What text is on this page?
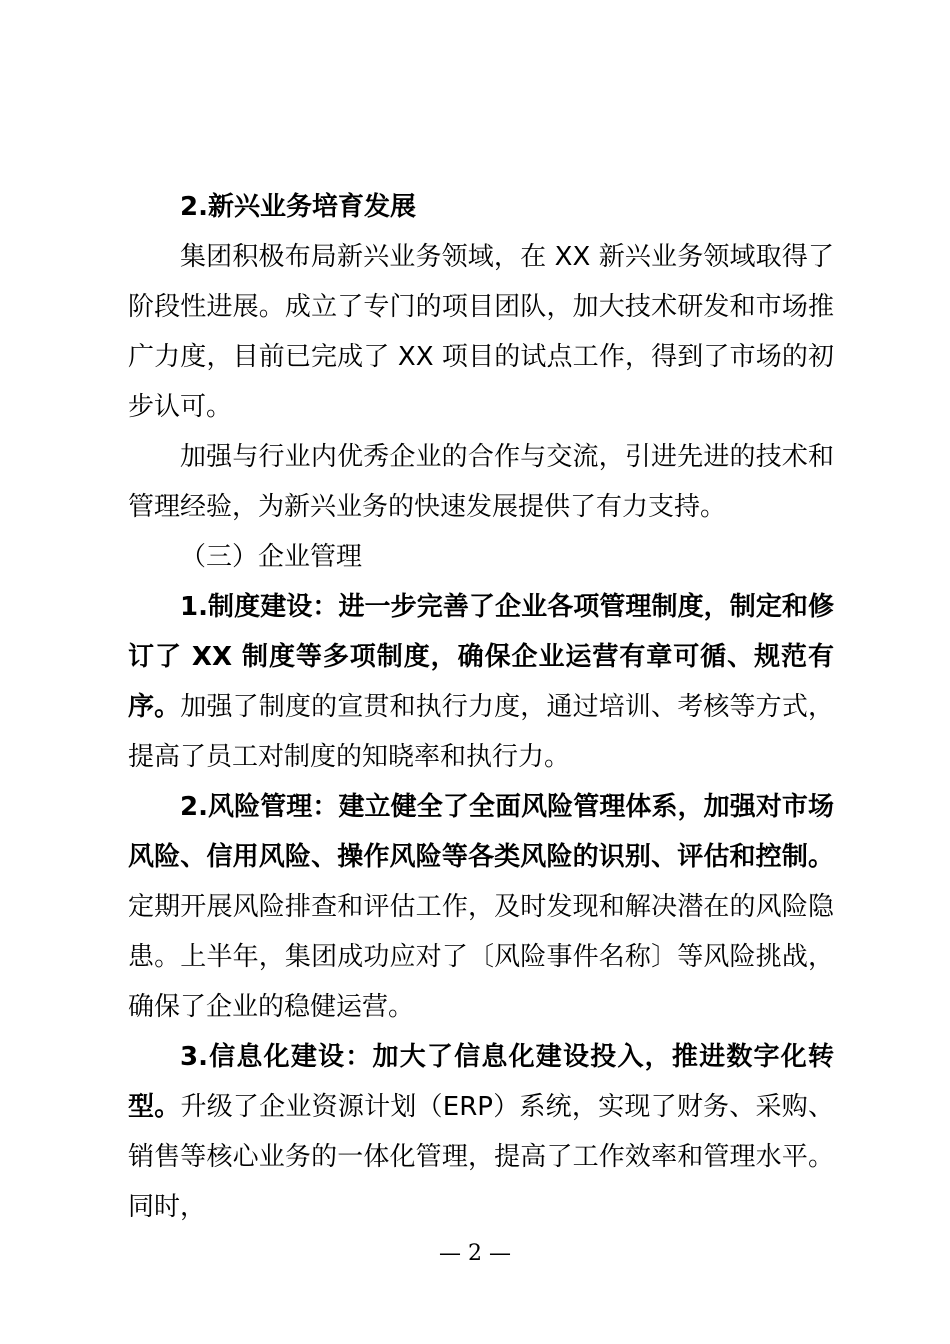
2.新兴业务培育发展

集团积极布局新兴业务领域，在 XX 新兴业务领域取得了阶段性进展。成立了专门的项目团队，加大技术研发和市场推广力度，目前已完成了 XX 项目的试点工作，得到了市场的初步认可。

加强与行业内优秀企业的合作与交流，引进先进的技术和管理经验，为新兴业务的快速发展提供了有力支持。

（三）企业管理

1.制度建设：进一步完善了企业各项管理制度，制定和修订了 XX 制度等多项制度，确保企业运营有章可循、规范有序。加强了制度的宣贯和执行力度，通过培训、考核等方式，提高了员工对制度的知晓率和执行力。

2.风险管理：建立健全了全面风险管理体系，加强对市场风险、信用风险、操作风险等各类风险的识别、评估和控制。定期开展风险排查和评估工作，及时发现和解决潜在的风险隐患。上半年，集团成功应对了〔风险事件名称〕等风险挑战，确保了企业的稳健运营。

3.信息化建设：加大了信息化建设投入，推进数字化转型。升级了企业资源计划（ERP）系统，实现了财务、采购、销售等核心业务的一体化管理，提高了工作效率和管理水平。同时，

— 2 —
